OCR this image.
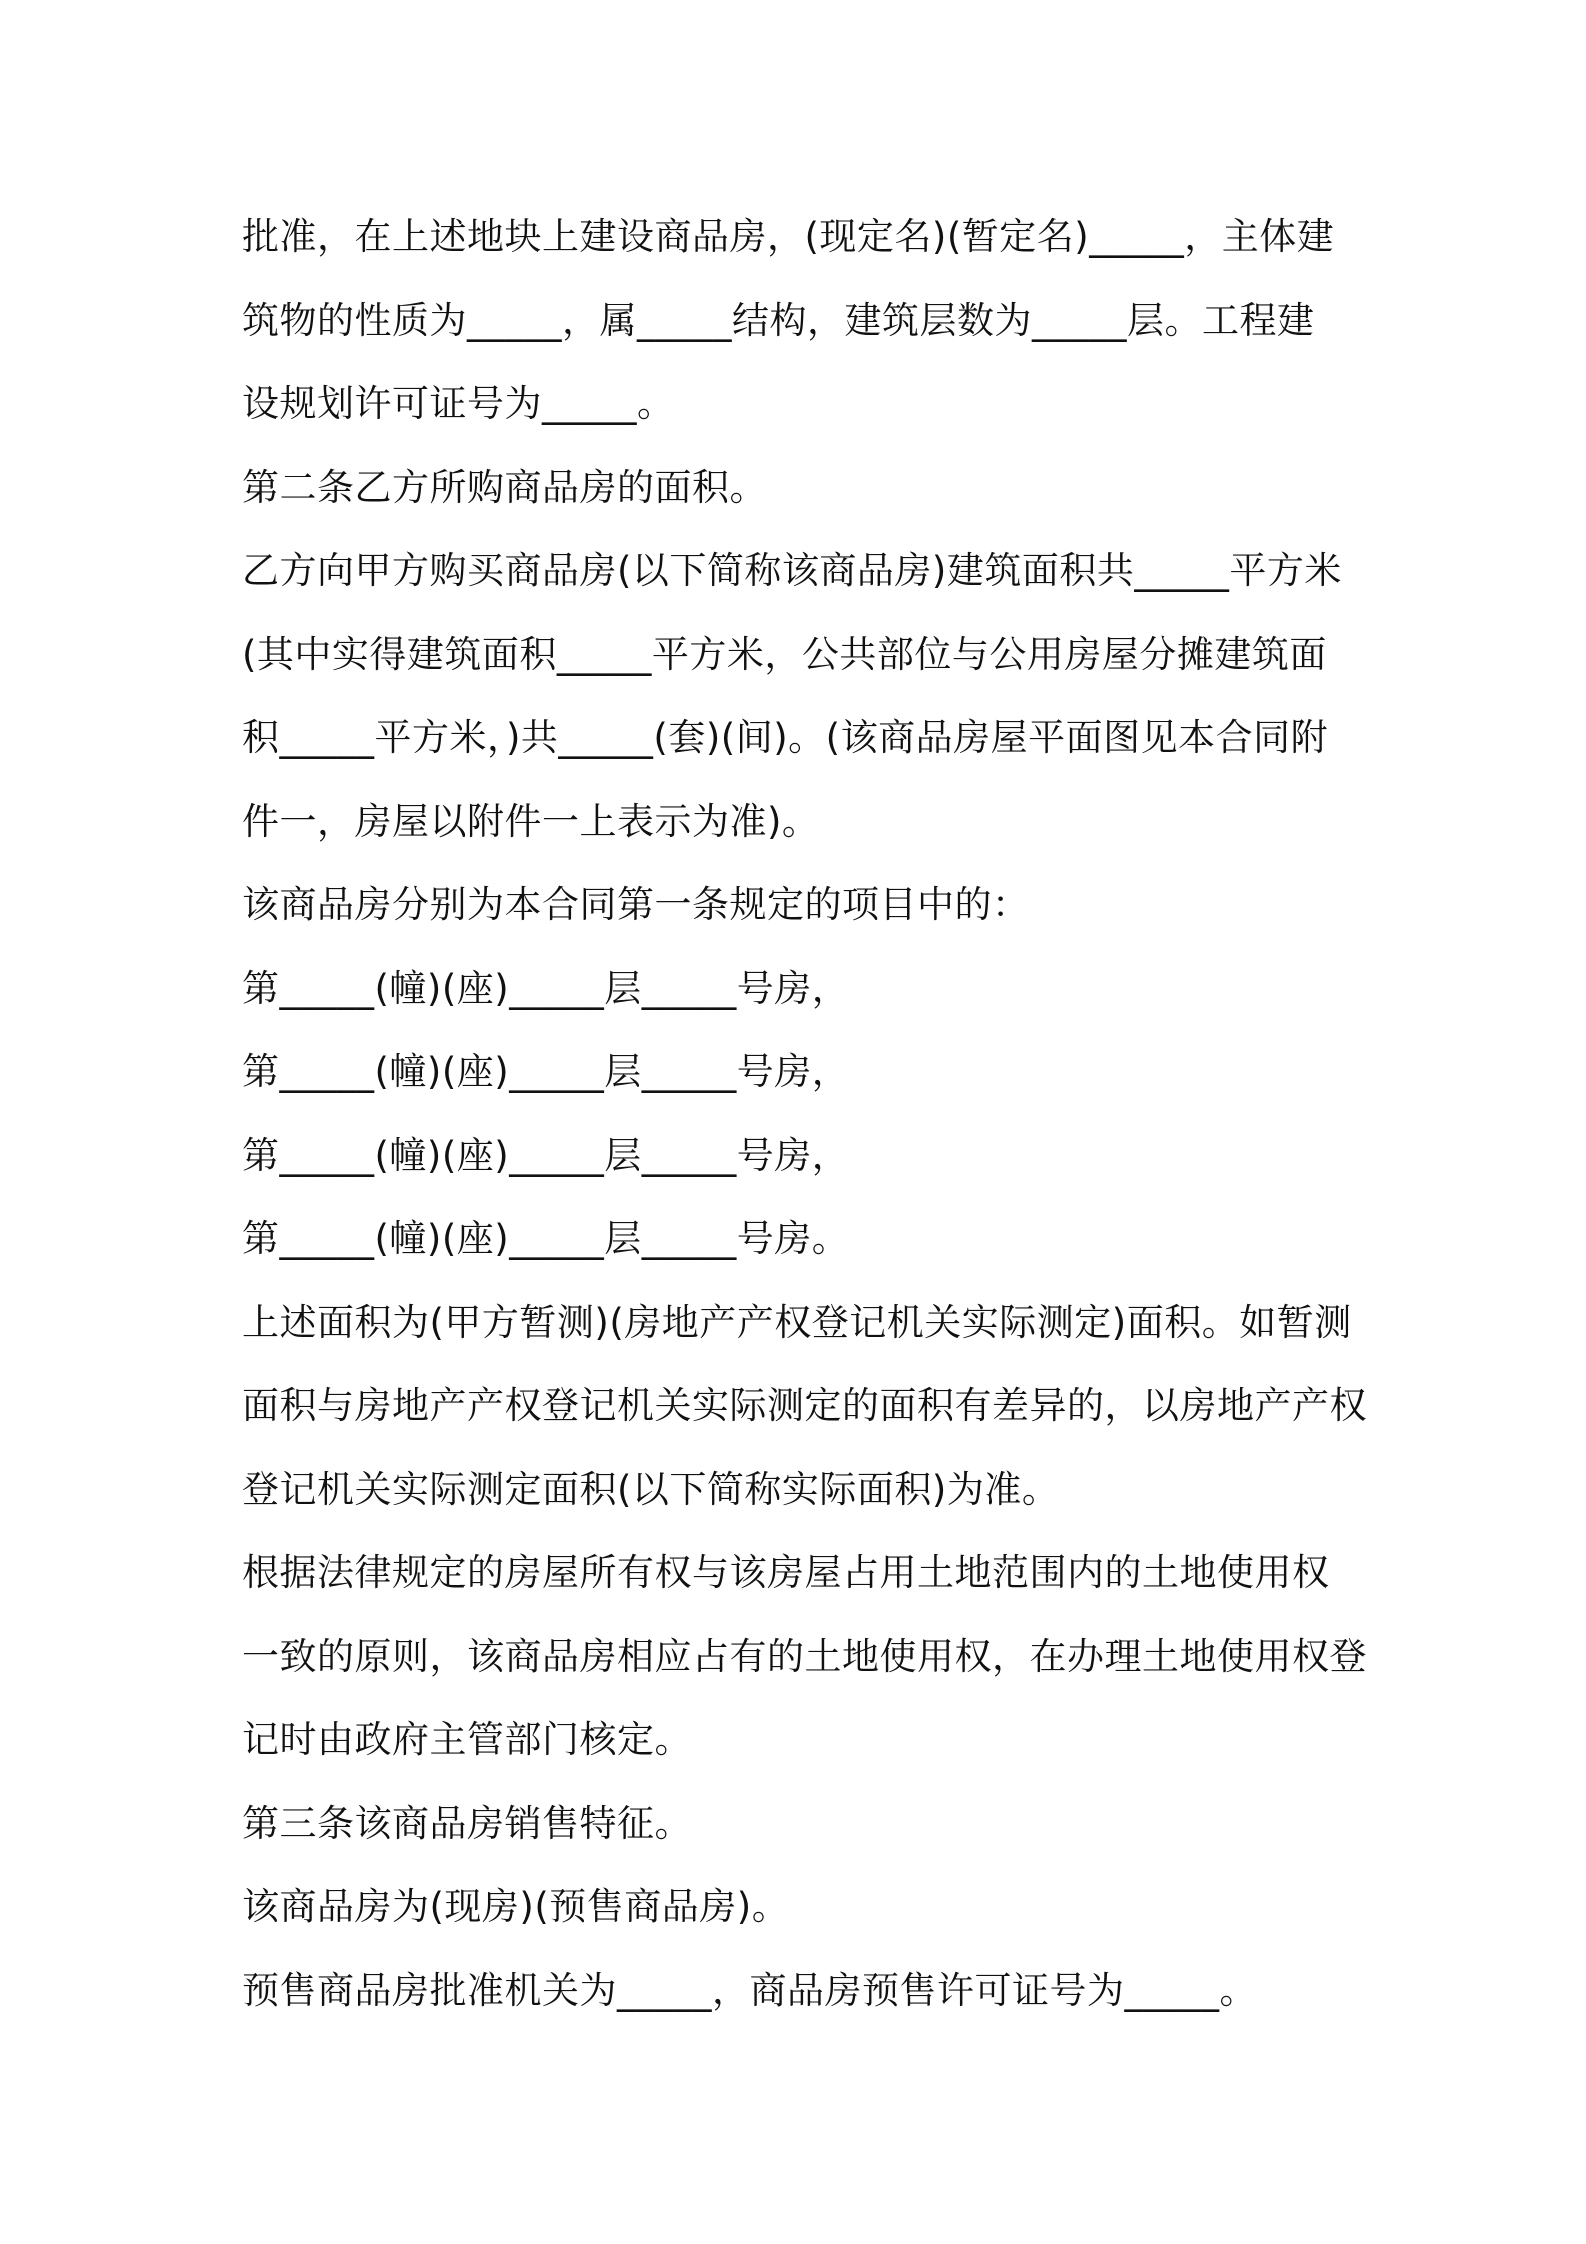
批准，在上述地块上建设商品房，(现定名)(暂定名)_____，主体建
筑物的性质为_____，属_____结构，建筑层数为_____层。工程建
设规划许可证号为_____。
第二条乙方所购商品房的面积。
乙方向甲方购买商品房(以下简称该商品房)建筑面积共_____平方米
(其中实得建筑面积_____平方米，公共部位与公用房屋分摊建筑面
积_____平方米，)共_____(套)(间)。(该商品房屋平面图见本合同附
件一，房屋以附件一上表示为准)。
该商品房分别为本合同第一条规定的项目中的：
第_____(幢)(座)_____层_____号房，
第_____(幢)(座)_____层_____号房，
第_____(幢)(座)_____层_____号房，
第_____(幢)(座)_____层_____号房。
上述面积为(甲方暂测)(房地产产权登记机关实际测定)面积。如暂测
面积与房地产产权登记机关实际测定的面积有差异的，以房地产产权
登记机关实际测定面积(以下简称实际面积)为准。
根据法律规定的房屋所有权与该房屋占用土地范围内的土地使用权
一致的原则，该商品房相应占有的土地使用权，在办理土地使用权登
记时由政府主管部门核定。
第三条该商品房销售特征。
该商品房为(现房)(预售商品房)。
预售商品房批准机关为_____，商品房预售许可证号为_____。
